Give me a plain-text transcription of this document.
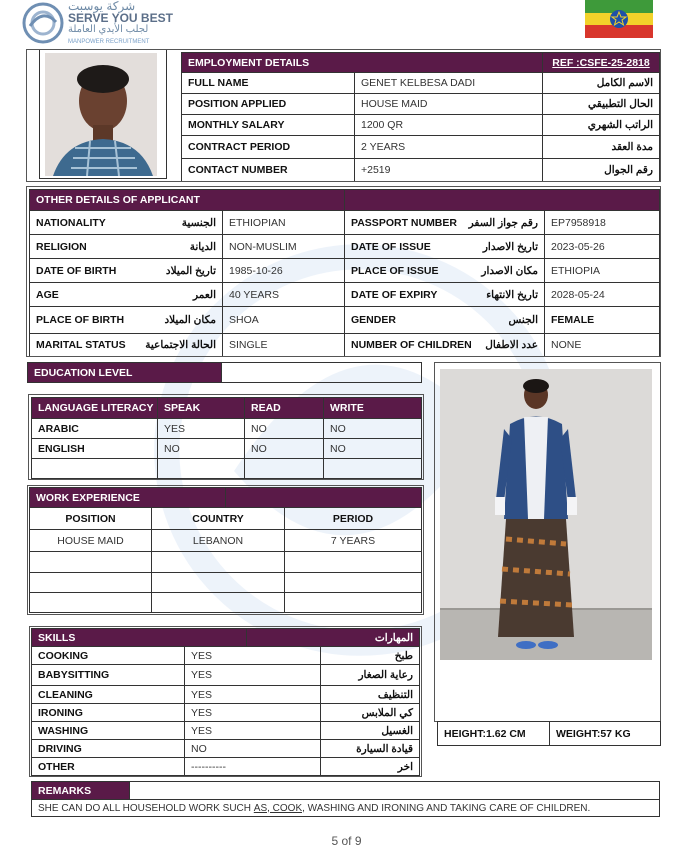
شركة يوسبت
SERVE YOU BEST
لجلب الأيدي العاملة
MANPOWER RECRUITMENT
EMPLOYMENT DETAILS	REF :CSFE-25-2818
FULL NAME	GENET KELBESA DADI	الاسم الكامل
POSITION APPLIED	HOUSE MAID	الحال التطبيقي
MONTHLY SALARY	1200 QR	الراتب الشهري
CONTRACT PERIOD	2 YEARS	مدة العقد
CONTACT NUMBER	+2519	رقم الجوال
OTHER DETAILS OF APPLICANT
NATIONALITY	الجنسية	ETHIOPIAN	PASSPORT NUMBER رقم جواز السفر	EP7958918
RELIGION	الديانة	NON-MUSLIM	DATE OF ISSUE	تاريخ الاصدار	2023-05-26
DATE OF BIRTH	تاريخ الميلاد	1985-10-26	PLACE OF ISSUE	مكان الاصدار	ETHIOPIA
AGE	العمر	40 YEARS	DATE OF EXPIRY	تاريخ الانتهاء	2028-05-24
PLACE OF BIRTH	مكان الميلاد	SHOA	GENDER	الجنس	FEMALE
MARITAL STATUS الحالة الاجتماعية	SINGLE	NUMBER OF CHILDREN عدد الاطفال	NONE
EDUCATION LEVEL
LANGUAGE LITERACY	SPEAK	READ	WRITE
ARABIC	YES	NO	NO
ENGLISH	NO	NO	NO
WORK EXPERIENCE
POSITION	COUNTRY	PERIOD
HOUSE MAID	LEBANON	7 YEARS
SKILLS	المهارات
COOKING	YES	طبخ
BABYSITTING	YES	رعاية الصغار
CLEANING	YES	التنظيف
IRONING	YES	كي الملابس
WASHING	YES	الغسيل
DRIVING	NO	قيادة السيارة
OTHER	----------	اخر
HEIGHT:1.62 CM	WEIGHT:57 KG
REMARKS
SHE CAN DO ALL HOUSEHOLD WORK SUCH AS, COOK, WASHING AND IRONING AND TAKING CARE OF CHILDREN.
5 of 9
